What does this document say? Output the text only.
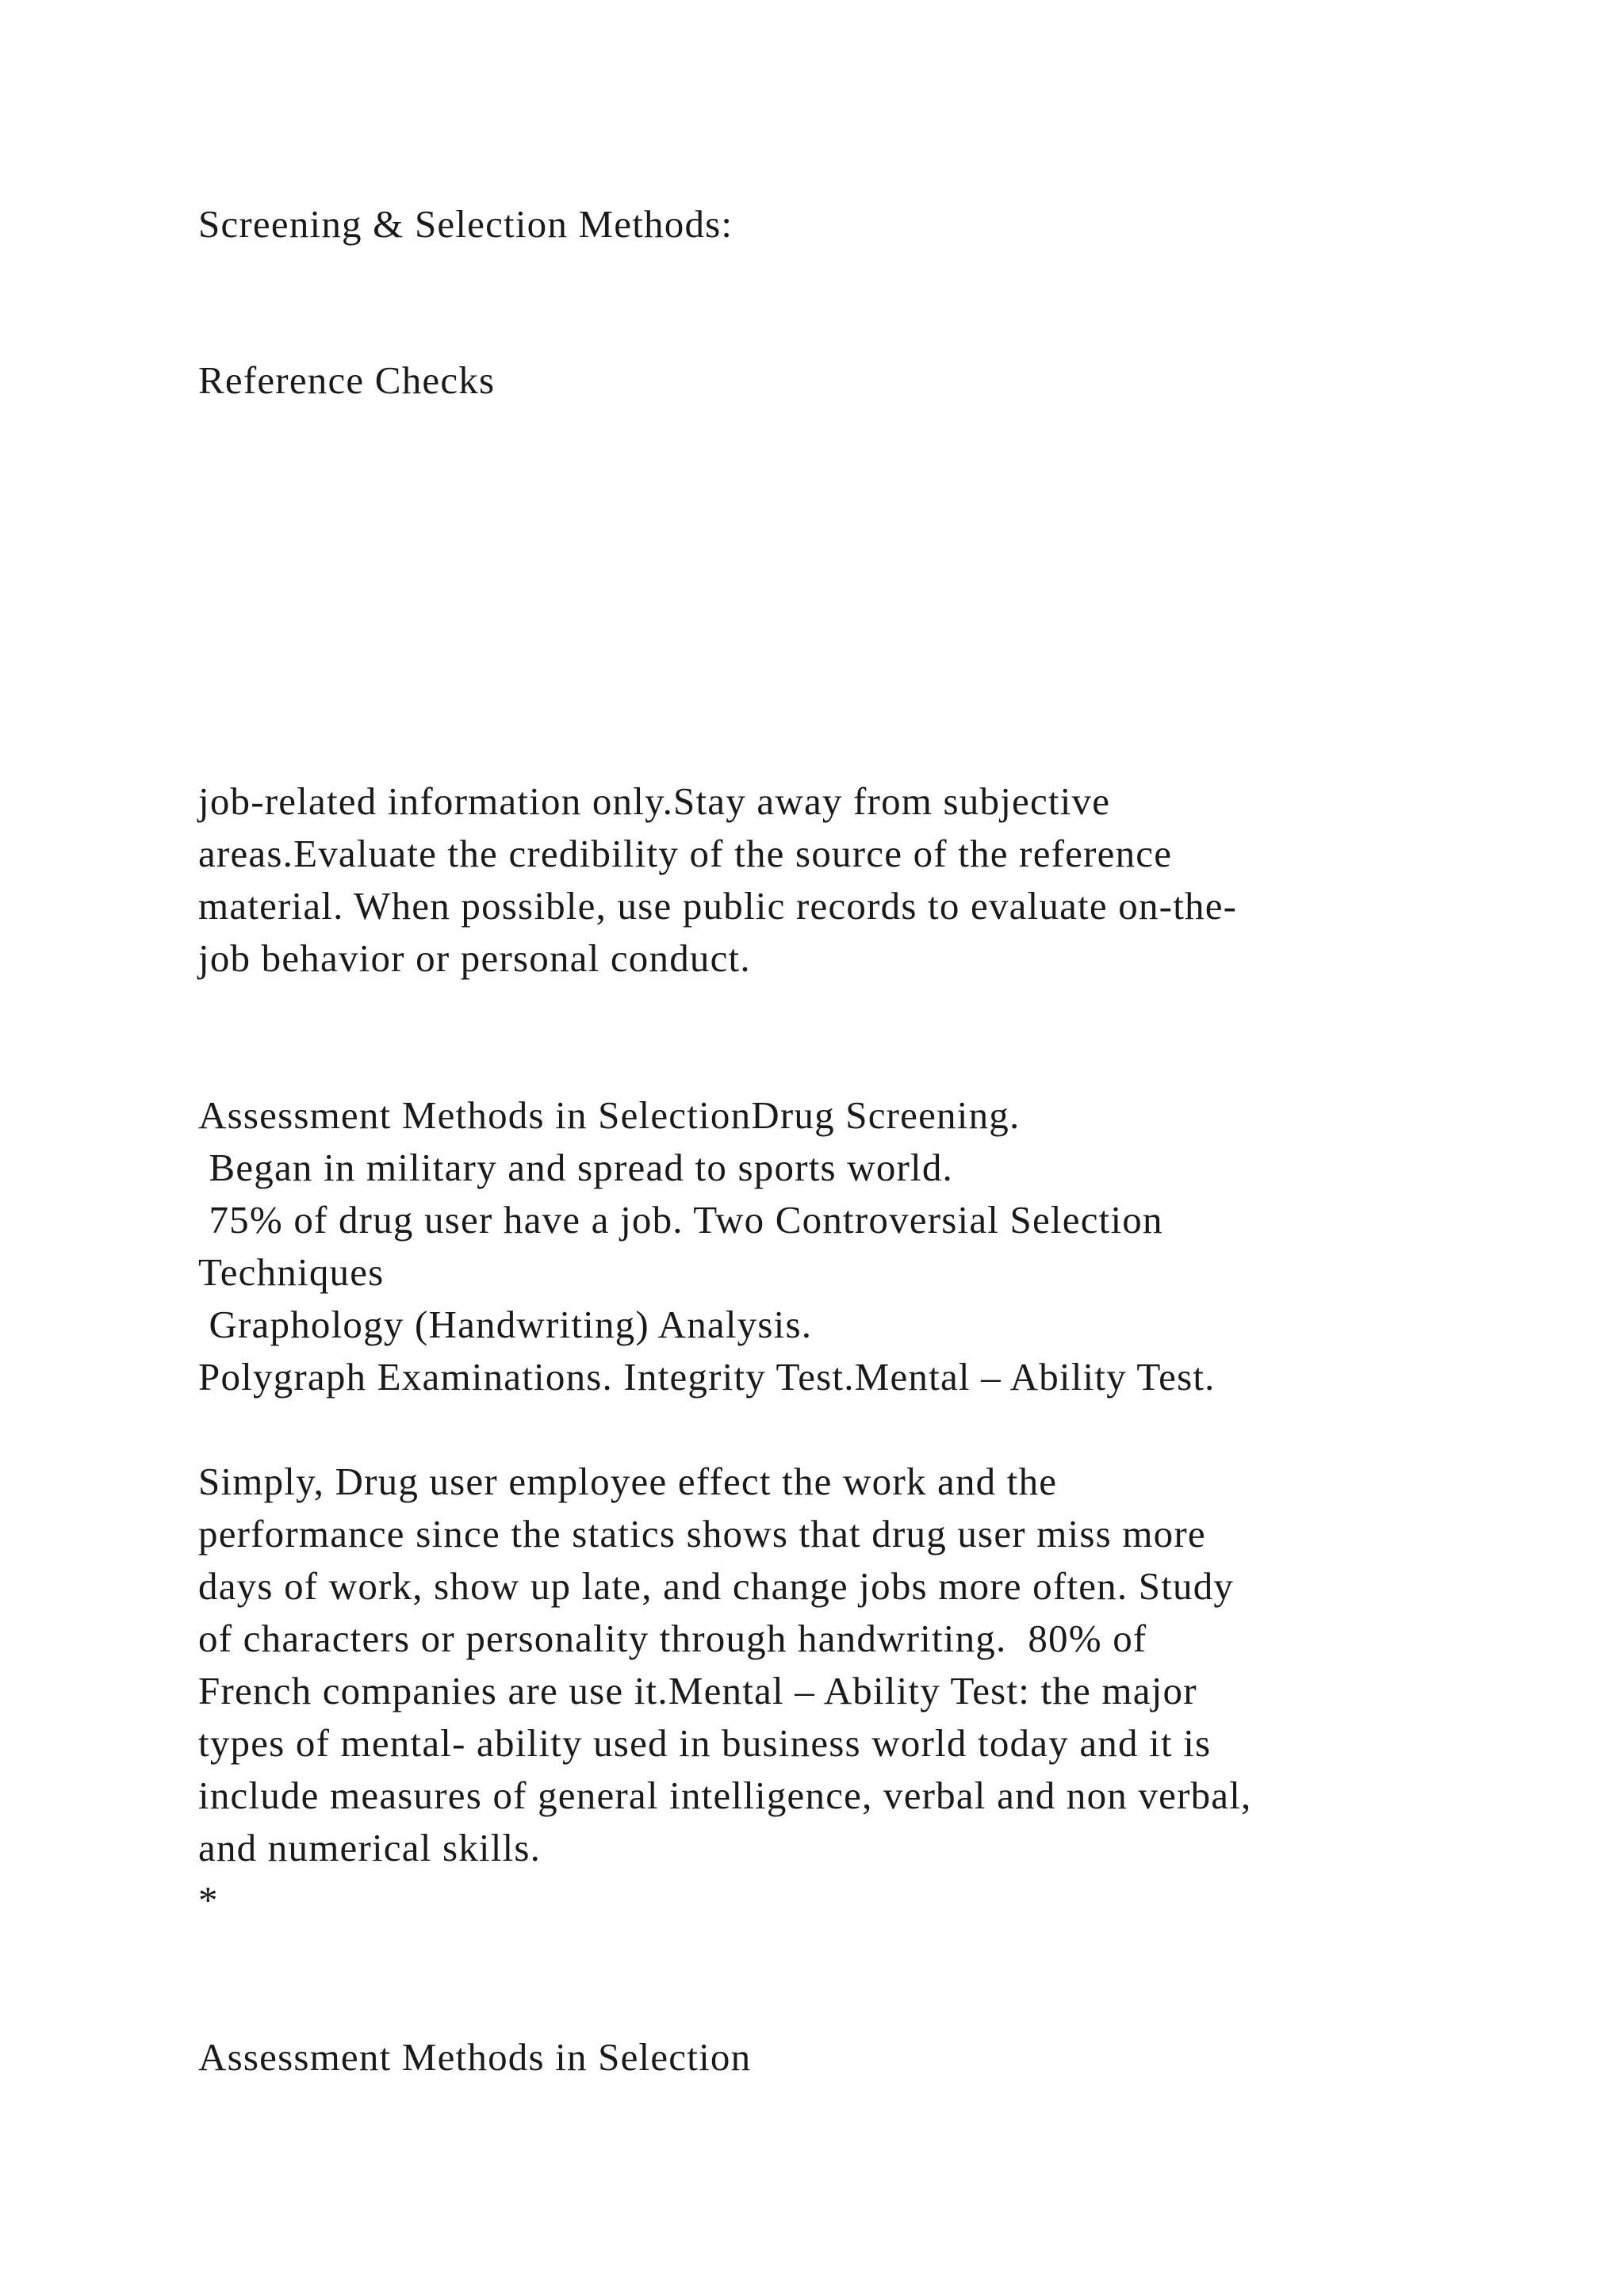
Screening & Selection Methods:
Reference Checks
job-related information only.Stay away from subjective
areas.Evaluate the credibility of the source of the reference
material. When possible, use public records to evaluate on-the-
job behavior or personal conduct.
Assessment Methods in SelectionDrug Screening.
Began in military and spread to sports world.
75% of drug user have a job. Two Controversial Selection
Techniques
Graphology (Handwriting) Analysis.
Polygraph Examinations. Integrity Test.Mental – Ability Test.
Simply, Drug user employee effect the work and the
performance since the statics shows that drug user miss more
days of work, show up late, and change jobs more often. Study
of characters or personality through handwriting.  80% of
French companies are use it.Mental – Ability Test: the major
types of mental- ability used in business world today and it is
include measures of general intelligence, verbal and non verbal,
and numerical skills.
*
Assessment Methods in Selection
